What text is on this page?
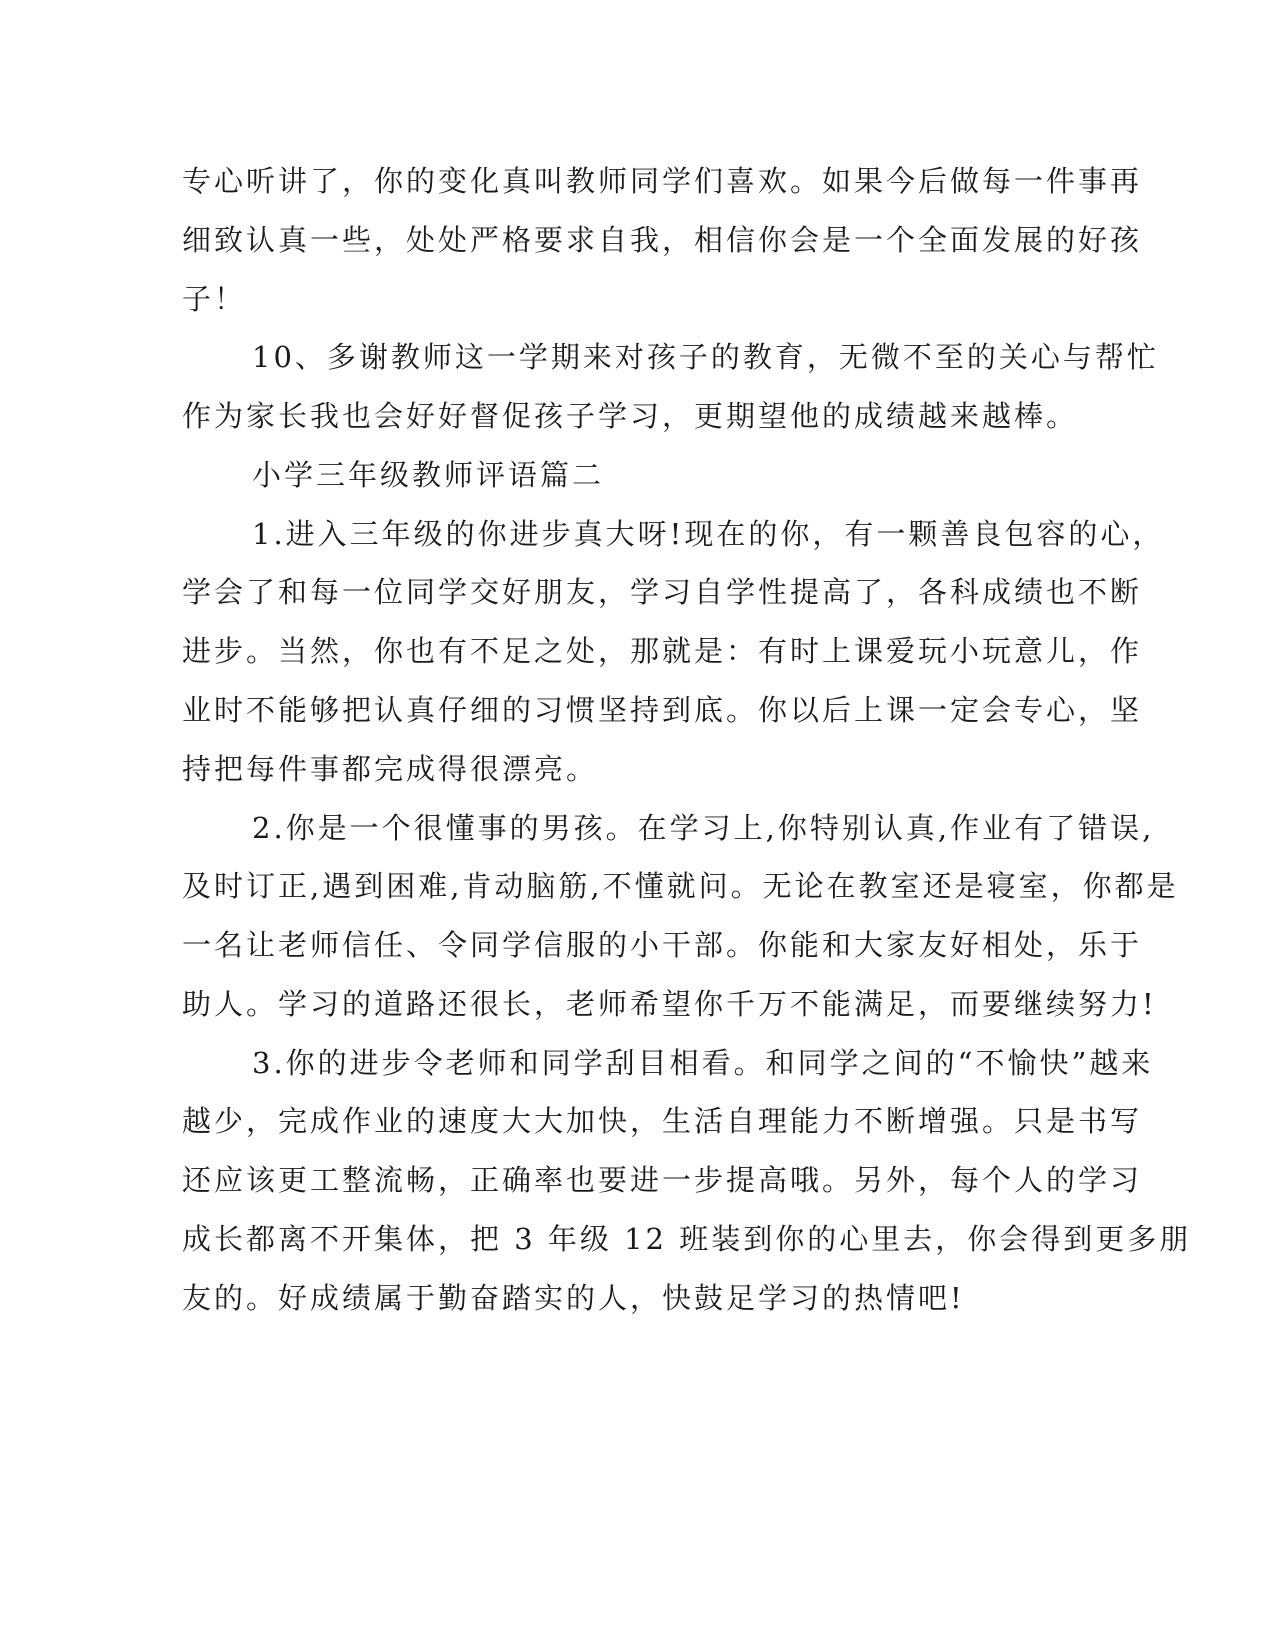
专心听讲了，你的变化真叫教师同学们喜欢。如果今后做每一件事再
细致认真一些，处处严格要求自我，相信你会是一个全面发展的好孩
子！
10、多谢教师这一学期来对孩子的教育，无微不至的关心与帮忙
作为家长我也会好好督促孩子学习，更期望他的成绩越来越棒。
小学三年级教师评语篇二
1.进入三年级的你进步真大呀!现在的你，有一颗善良包容的心，
学会了和每一位同学交好朋友，学习自学性提高了，各科成绩也不断
进步。当然，你也有不足之处，那就是：有时上课爱玩小玩意儿，作
业时不能够把认真仔细的习惯坚持到底。你以后上课一定会专心，坚
持把每件事都完成得很漂亮。
2.你是一个很懂事的男孩。在学习上,你特别认真,作业有了错误,
及时订正,遇到困难,肯动脑筋,不懂就问。无论在教室还是寝室，你都是
一名让老师信任、令同学信服的小干部。你能和大家友好相处，乐于
助人。学习的道路还很长，老师希望你千万不能满足，而要继续努力!
3.你的进步令老师和同学刮目相看。和同学之间的“不愉快”越来
越少，完成作业的速度大大加快，生活自理能力不断增强。只是书写
还应该更工整流畅，正确率也要进一步提高哦。另外，每个人的学习
成长都离不开集体，把 3 年级 12 班装到你的心里去，你会得到更多朋
友的。好成绩属于勤奋踏实的人，快鼓足学习的热情吧!
